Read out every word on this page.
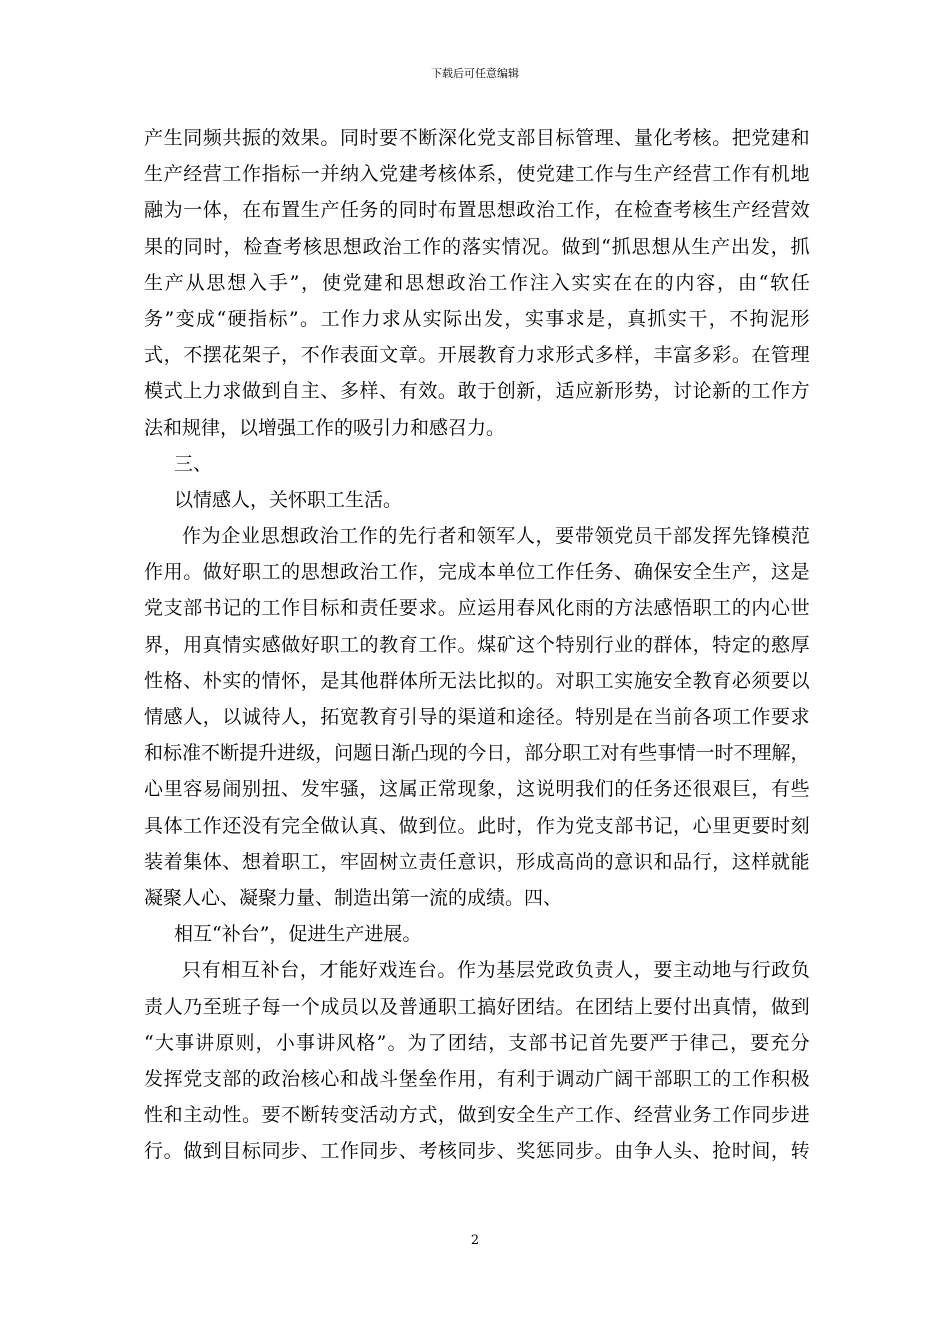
下载后可任意编辑
产 生 同 频 共 振 的 效 果 。 同 时 要 不 断 深 化 党 支 部 目 标 管 理 、 量 化 考 核 。 把 党 建 和
生 产 经 营 工 作 指 标 一 并 纳 入 党 建 考 核 体 系 ， 使 党 建 工 作 与 生 产 经 营 工 作 有 机 地
融 为 一 体 ， 在 布 置 生 产 任 务 的 同 时 布 置 思 想 政 治 工 作 ， 在 检 查 考 核 生 产 经 营 效
果 的 同 时 ， 检 查 考 核 思 想 政 治 工 作 的 落 实 情 况 。 做 到 “ 抓 思 想 从 生 产 出 发 ， 抓
生 产 从 思 想 入 手 ” ， 使 党 建 和 思 想 政 治 工 作 注 入 实 实 在 在 的 内 容 ， 由 “ 软 任
务 ” 变 成 “ 硬 指 标 ” 。 工 作 力 求 从 实 际 出 发 ， 实 事 求 是 ， 真 抓 实 干 ， 不 拘 泥 形
式 ， 不 摆 花 架 子 ， 不 作 表 面 文 章 。 开 展 教 育 力 求 形 式 多 样 ， 丰 富 多 彩 。 在 管 理
模 式 上 力 求 做 到 自 主 、 多 样 、 有 效 。 敢 于 创 新 ， 适 应 新 形 势 ， 讨 论 新 的 工 作 方
法和规律，以增强工作的吸引力和感召力。
三、
以情感人，关怀职工生活。
作 为 企 业 思 想 政 治 工 作 的 先 行 者 和 领 军 人 ， 要 带 领 党 员 干 部 发 挥 先 锋 模 范
作 用 。 做 好 职 工 的 思 想 政 治 工 作 ， 完 成 本 单 位 工 作 任 务 、 确 保 安 全 生 产 ， 这 是
党 支 部 书 记 的 工 作 目 标 和 责 任 要 求 。 应 运 用 春 风 化 雨 的 方 法 感 悟 职 工 的 内 心 世
界 ， 用 真 情 实 感 做 好 职 工 的 教 育 工 作 。 煤 矿 这 个 特 别 行 业 的 群 体 ， 特 定 的 憨 厚
性 格 、 朴 实 的 情 怀 ， 是 其 他 群 体 所 无 法 比 拟 的 。 对 职 工 实 施 安 全 教 育 必 须 要 以
情 感 人 ， 以 诚 待 人 ， 拓 宽 教 育 引 导 的 渠 道 和 途 径 。 特 别 是 在 当 前 各 项 工 作 要 求
和 标 准 不 断 提 升 进 级 ， 问 题 日 渐 凸 现 的 今 日 ， 部 分 职 工 对 有 些 事 情 一 时 不 理 解 ，
心 里 容 易 闹 别 扭 、 发 牢 骚 ， 这 属 正 常 现 象 ， 这 说 明 我 们 的 任 务 还 很 艰 巨 ， 有 些
具 体 工 作 还 没 有 完 全 做 认 真 、 做 到 位 。 此 时 ， 作 为 党 支 部 书 记 ， 心 里 更 要 时 刻
装 着 集 体 、 想 着 职 工 ， 牢 固 树 立 责 任 意 识 ， 形 成 高 尚 的 意 识 和 品 行 ， 这 样 就 能
凝聚人心、凝聚力量、制造出第一流的成绩。四、
相互“补台”，促进生产进展。
只 有 相 互 补 台 ， 才 能 好 戏 连 台 。 作 为 基 层 党 政 负 责 人 ， 要 主 动 地 与 行 政 负
责 人 乃 至 班 子 每 一 个 成 员 以 及 普 通 职 工 搞 好 团 结 。 在 团 结 上 要 付 出 真 情 ， 做 到
“ 大 事 讲 原 则 ， 小 事 讲 风 格 ” 。 为 了 团 结 ， 支 部 书 记 首 先 要 严 于 律 己 ， 要 充 分
发 挥 党 支 部 的 政 治 核 心 和 战 斗 堡 垒 作 用 ， 有 利 于 调 动 广 阔 干 部 职 工 的 工 作 积 极
性 和 主 动 性 。 要 不 断 转 变 活 动 方 式 ， 做 到 安 全 生 产 工 作 、 经 营 业 务 工 作 同 步 进
行 。 做 到 目 标 同 步 、 工 作 同 步 、 考 核 同 步 、 奖 惩 同 步 。 由 争 人 头 、 抢 时 间 ， 转
2
